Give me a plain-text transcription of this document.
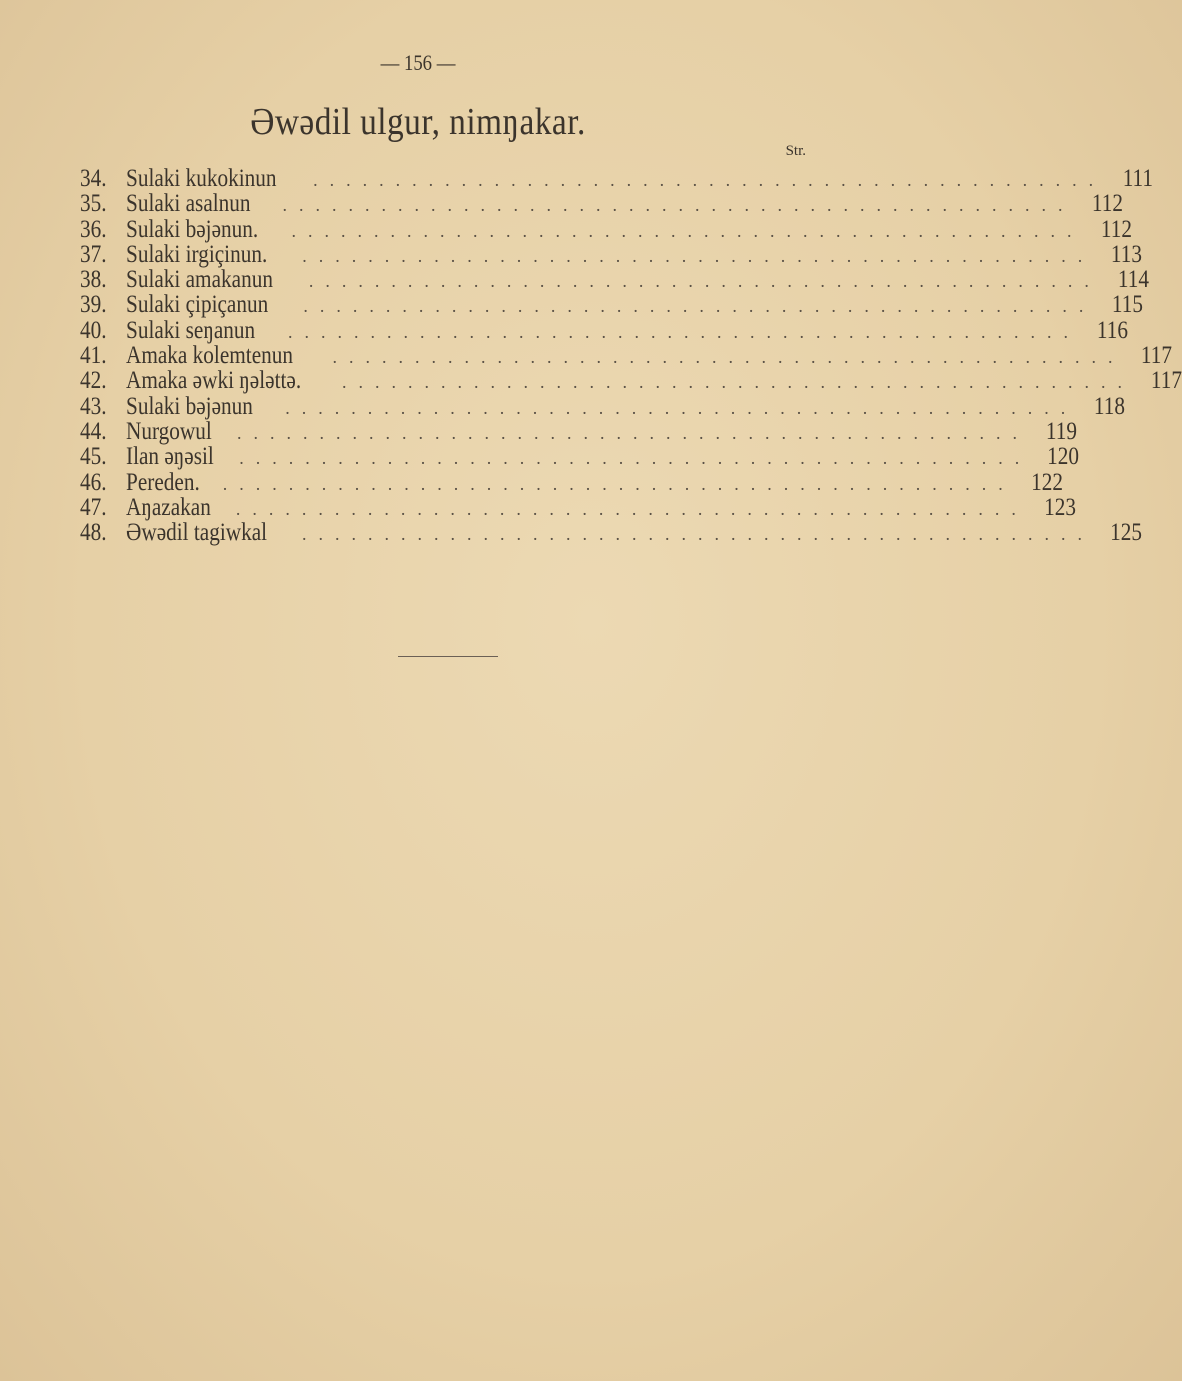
— 156 —
Əwədil ulgur, nimŋakar.
Str.
34. Sulaki kukokinun ................................................ 111
35. Sulaki asalnun ................................................ 112
36. Sulaki bəjənun. ................................................ 112
37. Sulaki irgiçinun. ................................................ 113
38. Sulaki amakanun ................................................ 114
39. Sulaki çipiçanun ................................................ 115
40. Sulaki seŋanun ................................................ 116
41. Amaka kolemtenun ................................................ 117
42. Amaka əwki ŋələttə. ................................................ 117
43. Sulaki bəjənun ................................................ 118
44. Nurgowul ................................................ 119
45. Ilan əŋəsil ................................................ 120
46. Pereden. ................................................ 122
47. Aŋazakan ................................................ 123
48. Əwədil tagiwkal ................................................ 125
